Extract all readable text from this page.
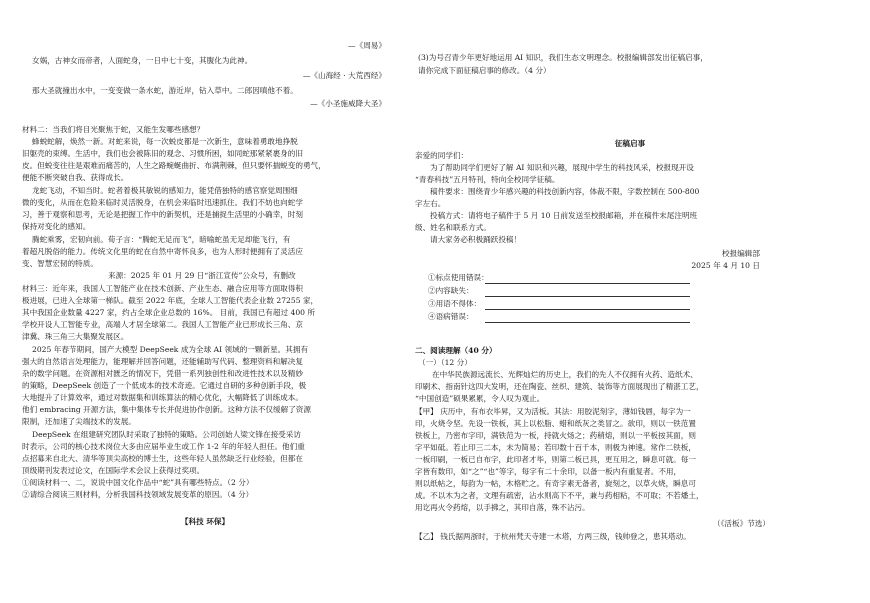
—《周易》
女娲，古神女而帝者，人面蛇身，一日中七十变，其腹化为此神。
—《山海经 · 大荒西经》
那大圣就撞出水中，一变变做一条水蛇，游近岸，钻入草中。二郎因嗔他不着。
—《小圣施威降大圣》
材料二：当我们将目光聚焦于蛇，又能生发哪些感想？
蜂蜕蛇解，焕然一新。对蛇来说，每一次蜕皮都是一次新生，意味着勇敢地挣脱
旧躯壳的束缚。生活中，我们也会被陈旧的观念、习惯所困，如同蛇那紧紧裹身的旧
皮。但蜕变往往是艰难而痛苦的，人生之路蜿蜒曲折、布满荆棘，但只要怀揣蜕变的勇气，
便能不断突破自我、获得成长。
龙蛇飞动，不知当时。蛇者着极其敏锐的感知力，能凭借独特的感官察觉周围细
微的变化，从而在危险来临时灵活脱身，在机会来临时迅速抓住。我们不妨也向蛇学
习，善于观察和思考，无论是把握工作中的新契机，还是捕捉生活里的小确幸，时刻
保持对变化的感知。
腾蛇乘雾，宏韧向前。荀子言：“腾蛇无足而飞”，暗喻蛇虽无足却能飞行，有
着超凡脱俗的能力。传统文化里的蛇在自然中寄怀良多，也为人形时便拥有了灵活应
变、智慧宏韧的特质。
来源：2025 年 01 月 29 日“浙江宣传”公众号，有删改
材料三：近年来，我国人工智能产业在技术创新、产业生态、融合应用等方面取得积
极进展，已进入全球第一梯队。截至 2022 年底，全球人工智能代表企业数 27255 家，
其中我国企业数量 4227 家，约占全球企业总数的 16%。 目前，我国已有超过 400 所
学校开设人工智能专业，高端人才居全球第二。我国人工智能产业已形成长三角、京
津冀、珠三角三大集聚发展区。
2025 年春节期间，国产大模型 DeepSeek 成为全球 AI 领域的一颗新星。其拥有
强大的自然语言处理能力，能理解并回答问题，还能辅助写代码、整理资料和解决复
杂的数学问题。在资源相对匮乏的情况下，凭借一系列独创性和改进性技术以及精妙
的策略，DeepSeek 创造了一个低成本的技术奇迹。它通过自研的多种创新手段，极
大地提升了计算效率，通过对数据集和训练算法的精心优化，大幅降低了训练成本。
他们 embracing 开源方法，集中集体专长并促进协作创新。这种方法不仅缓解了资源
限制，还加速了尖端技术的发展。
DeepSeek 在组建研究团队时采取了独特的策略。公司创始人梁文锋在接受采访
时表示，公司的核心技术岗位大多由应届毕业生或工作 1-2 年的年轻人担任。他们重
点招募来自北大、清华等顶尖高校的博士生，这些年轻人虽然缺乏行业经验，但都在
顶级期刊发表过论文，在国际学术会议上获得过奖项。
①阅读材料一、二，说说中国文化作品中“蛇”具有哪些特点。（2 分）
②请综合阅读三则材料，分析我国科技领域发展变革的原因。（4 分）
【科技 环保】
(3)为号召青少年更好地运用 AI 知识，我们生态文明理念。校报编辑部发出征稿启事，
请你完成下面征稿启事的修改。（4 分）
征稿启事
亲爱的同学们：
为了帮助同学们更好了解 AI 知识和兴趣，展现中学生的科技风采，校报现开设
“青春科技”五月特刊，特向全校同学征稿。
稿件要求：围绕青少年感兴趣的科技创新内容，体裁不限，字数控制在 500-800
字左右。
投稿方式：请将电子稿件于 5 月 10 日前发送至校报邮箱，并在稿件末尾注明班
级、姓名和联系方式。
请大家务必积极踊跃投稿！
校报编辑部
2025 年 4 月 10 日
①标点使用错误：
②内容缺失：
③用语不得体：
④语病错误：
二、阅读理解（40 分）
（一）（12 分）
在中华民族源远流长、光辉灿烂的历史上，我们的先人不仅拥有火药、造纸术、
印刷术、指南针这四大发明，还在陶瓷、丝织、建筑、装饰等方面展现出了精湛工艺，
“中国创造”硕果累累，令人叹为观止。
【甲】 庆历中，有布衣毕昇，又为活板。其法：用胶泥刻字，薄如钱唇，每字为一
印，火烧令坚。先设一铁板，其上以松脂、蜡和纸灰之类冒之。欲印，则以一铁范置
铁板上，乃密布字印，满铁范为一板，持就火炀之；药稍熔，则以一平板按其面，则
字平如砥。若止印三二本，未为简易；若印数十百千本，则极为神速。常作二铁板，
一板印刷，一板已自布字，此印者才毕，则第二板已具，更互用之，瞬息可就。每一
字皆有数印，如“之”“也”等字，每字有二十余印，以备一板内有重复者。不用，
则以纸帖之，每韵为一帖，木格贮之。有奇字素无备者，旋刻之，以草火烧，瞬息可
成。不以木为之者，文理有疏密，沾水则高下不平，兼与药相粘，不可取；不若燔土，
用讫再火令药熔，以手拂之，其印自落，殊不沾污。
（《活板》节选）
【乙】 钱氏据两浙时，于杭州梵天寺建一木塔，方两三级，钱帅登之，患其塔动。
